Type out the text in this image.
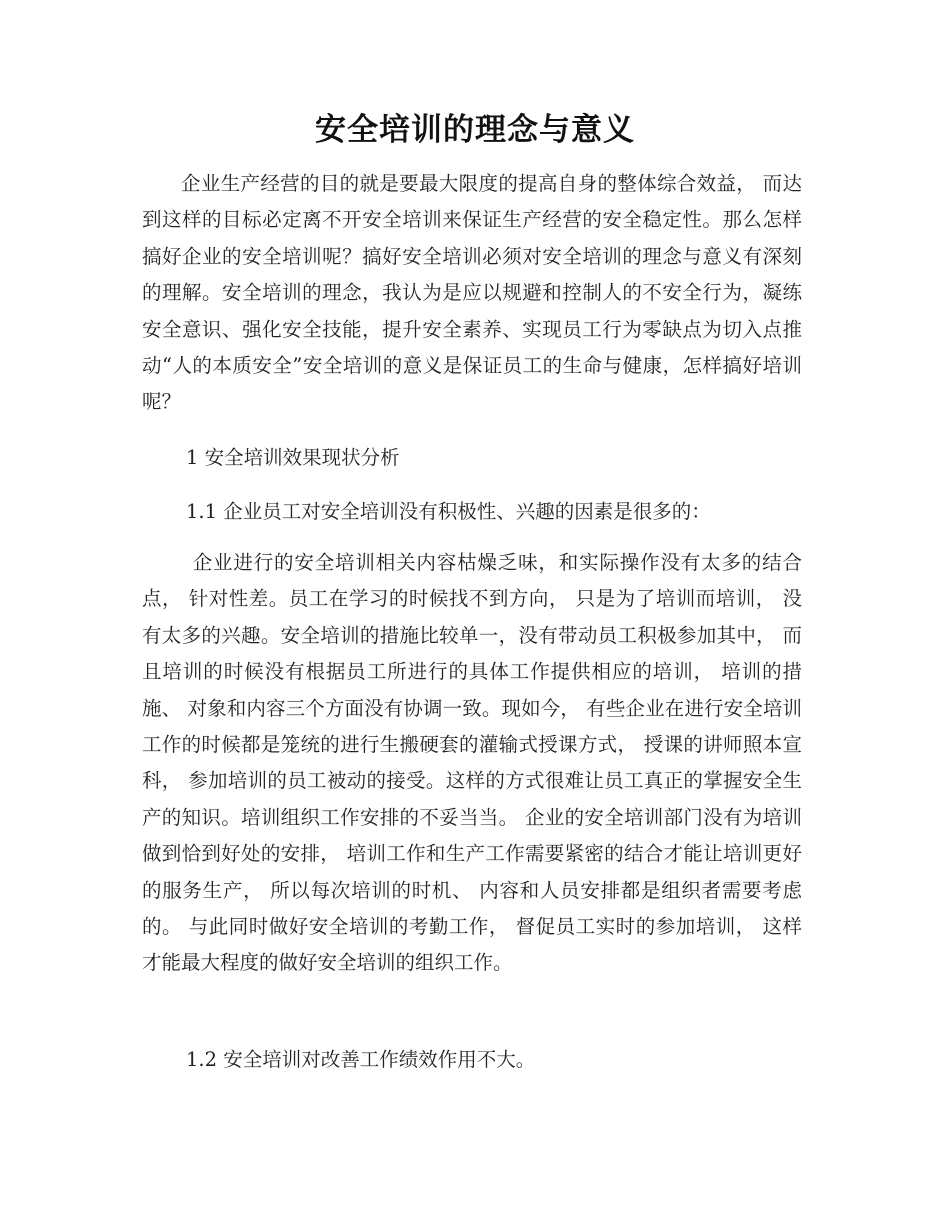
安全培训的理念与意义

企业生产经营的目的就是要最大限度的提高自身的整体综合效益， 而达到这样的目标必定离不开安全培训来保证生产经营的安全稳定性。那么怎样搞好企业的安全培训呢？搞好安全培训必须对安全培训的理念与意义有深刻的理解。安全培训的理念，我认为是应以规避和控制人的不安全行为，凝练安全意识、强化安全技能，提升安全素养、实现员工行为零缺点为切入点推动“人的本质安全”安全培训的意义是保证员工的生命与健康，怎样搞好培训呢？

1 安全培训效果现状分析

1.1 企业员工对安全培训没有积极性、兴趣的因素是很多的：

企业进行的安全培训相关内容枯燥乏味，和实际操作没有太多的结合点， 针对性差。员工在学习的时候找不到方向， 只是为了培训而培训， 没有太多的兴趣。安全培训的措施比较单一，没有带动员工积极参加其中， 而且培训的时候没有根据员工所进行的具体工作提供相应的培训， 培训的措施、 对象和内容三个方面没有协调一致。现如今， 有些企业在进行安全培训工作的时候都是笼统的进行生搬硬套的灌输式授课方式， 授课的讲师照本宣科， 参加培训的员工被动的接受。这样的方式很难让员工真正的掌握安全生产的知识。培训组织工作安排的不妥当当。 企业的安全培训部门没有为培训做到恰到好处的安排， 培训工作和生产工作需要紧密的结合才能让培训更好的服务生产， 所以每次培训的时机、 内容和人员安排都是组织者需要考虑的。 与此同时做好安全培训的考勤工作， 督促员工实时的参加培训， 这样才能最大程度的做好安全培训的组织工作。

1.2 安全培训对改善工作绩效作用不大。
